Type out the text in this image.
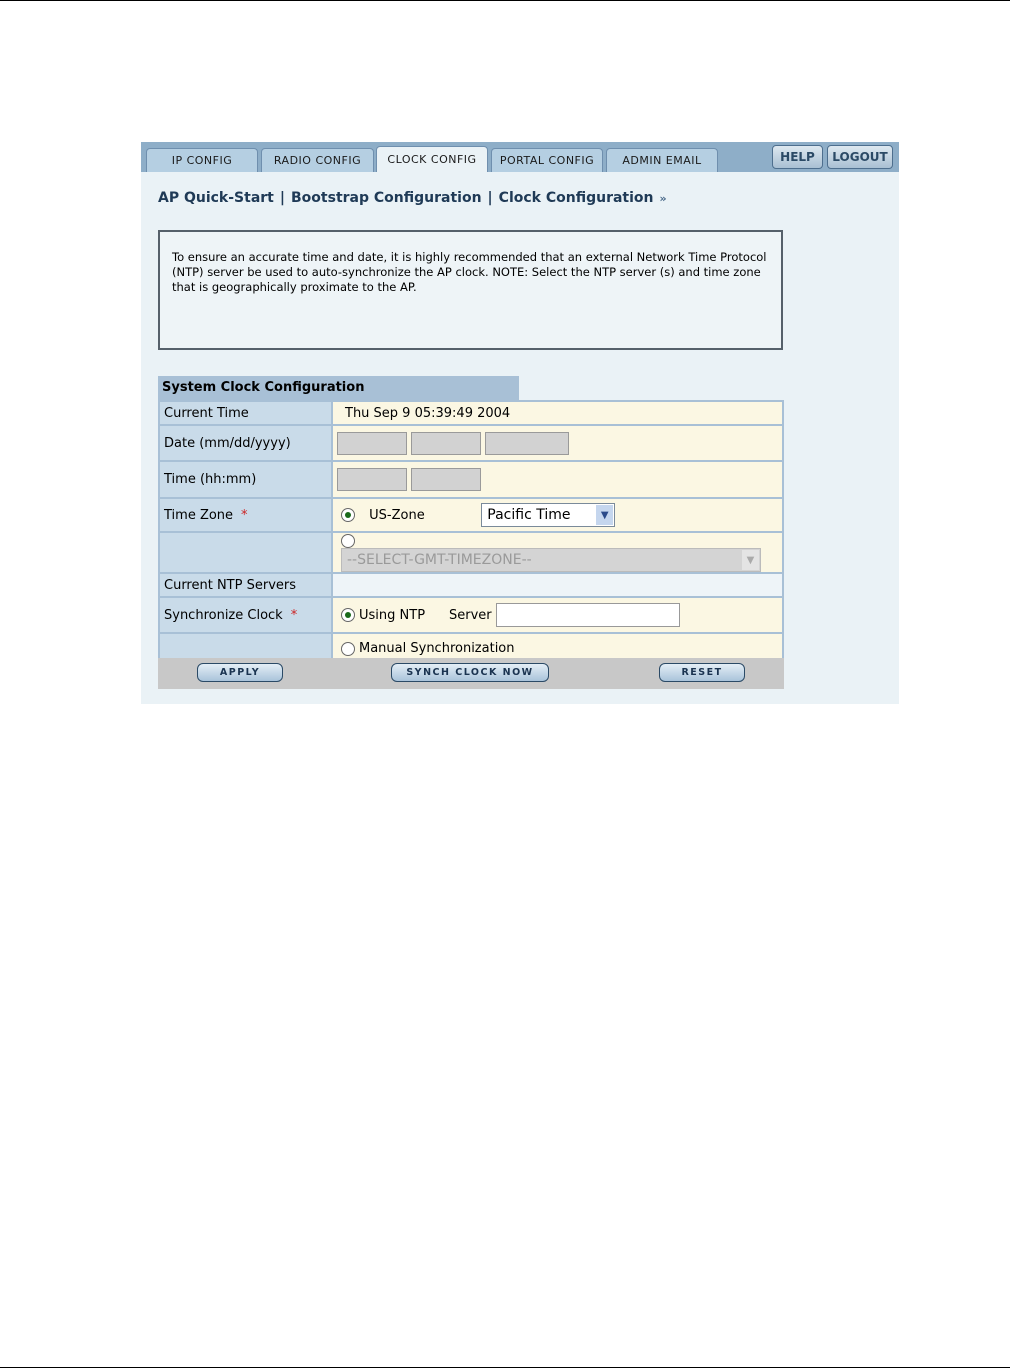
IP CONFIG	RADIO CONFIG	CLOCK CONFIG	PORTAL CONFIG	ADMIN EMAIL	HELP	LOGOUT
AP Quick-Start | Bootstrap Configuration | Clock Configuration »
To ensure an accurate time and date, it is highly recommended that an external Network Time Protocol (NTP) server be used to auto-synchronize the AP clock. NOTE: Select the NTP server (s) and time zone that is geographically proximate to the AP.
System Clock Configuration
Current Time	Thu Sep 9 05:39:49 2004
Date (mm/dd/yyyy)	
Time (hh:mm)	
Time Zone *	US-Zone Pacific Time ▼

	--SELECT-GMT-TIMEZONE-- ▼

Current NTP Servers	
Synchronize Clock *	Using NTP Server
	Manual Synchronization
APPLY	SYNCH CLOCK NOW	RESET
